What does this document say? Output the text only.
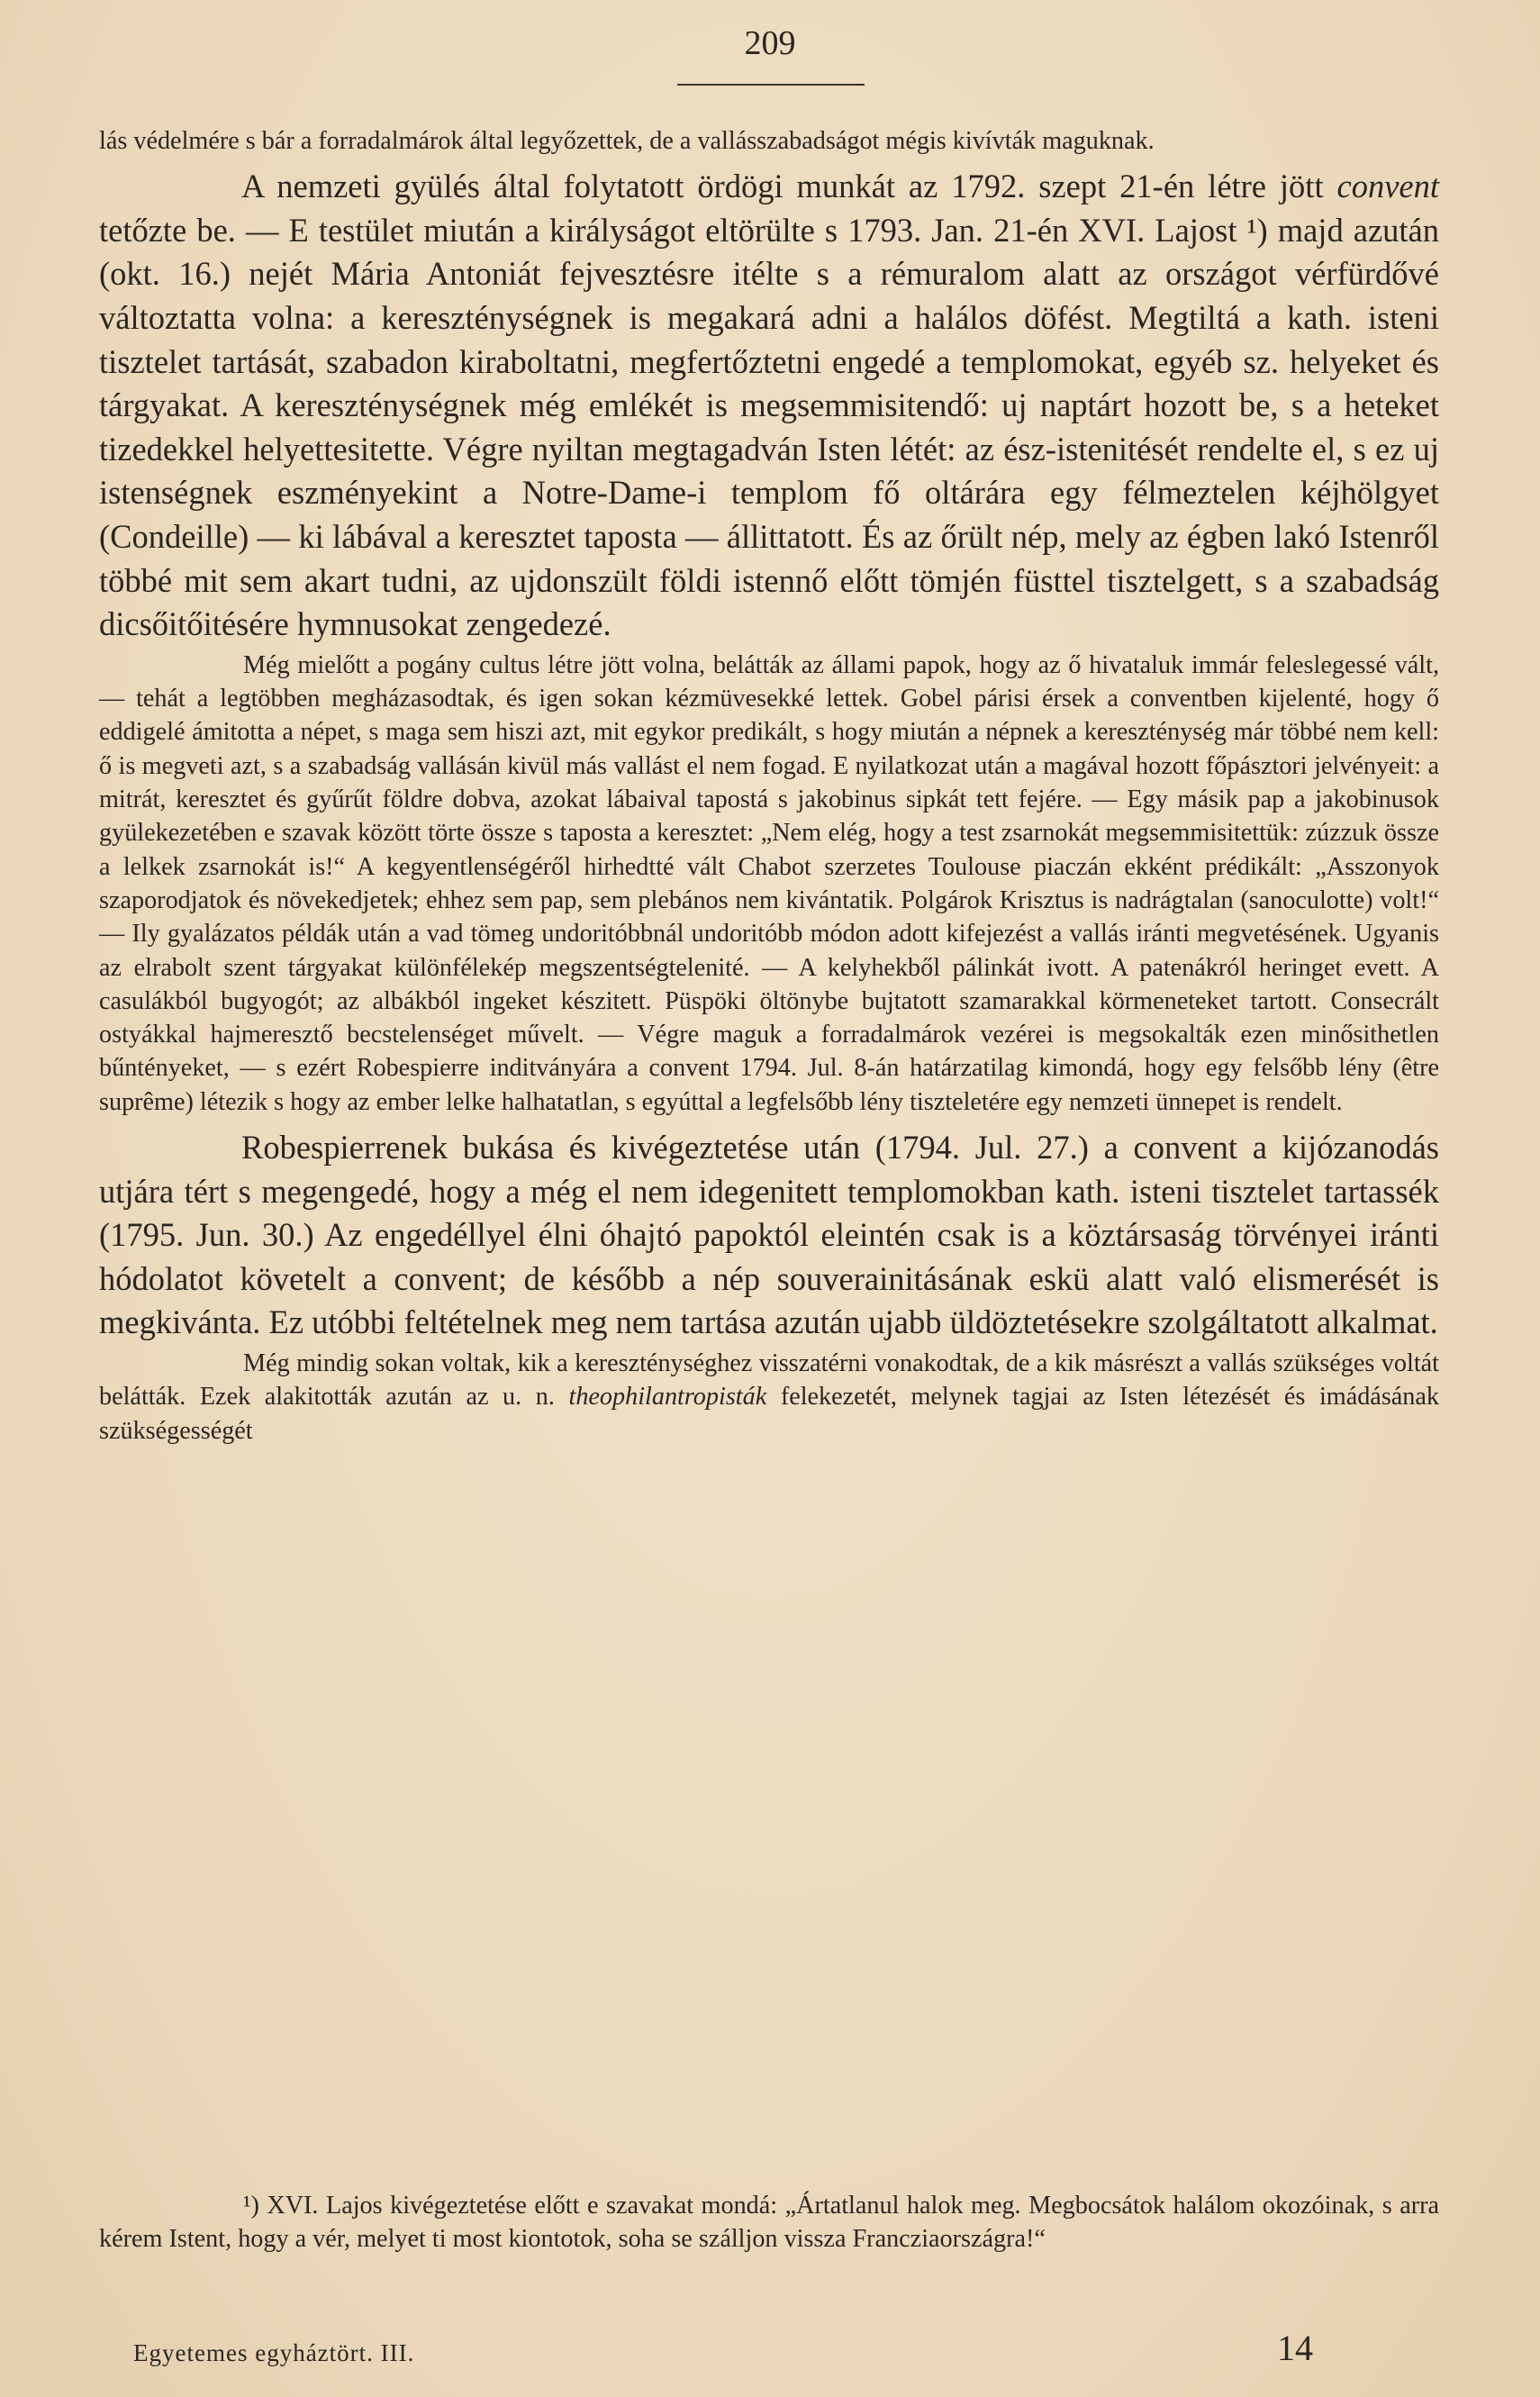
209

lás védelmére s bár a forradalmárok által legyőzettek, de a vallásszabadságot mégis kivívták maguknak.

A nemzeti gyülés által folytatott ördögi munkát az 1792. szept 21-én létre jött convent tetőzte be. — E testület miután a királyságot eltörülte s 1793. Jan. 21-én XVI. Lajost ¹) majd azután (okt. 16.) nejét Mária Antoniát fejvesztésre itélte s a rémuralom alatt az országot vérfürdővé változtatta volna: a kereszténységnek is megakará adni a halálos döfést. Megtiltá a kath. isteni tisztelet tartását, szabadon kiraboltatni, megfertőztetni engedé a templomokat, egyéb sz. helyeket és tárgyakat. A kereszténységnek még emlékét is megsemmisitendő: uj naptárt hozott be, s a heteket tizedekkel helyettesitette. Végre nyiltan megtagadván Isten létét: az ész-istenitését rendelte el, s ez uj istenségnek eszményekint a Notre-Dame-i templom fő oltárára egy félmeztelen kéjhölgyet (Condeille) — ki lábával a keresztet taposta — állittatott. És az őrült nép, mely az égben lakó Istenről többé mit sem akart tudni, az ujdonszült földi istennő előtt tömjén füsttel tisztelgett, s a szabadság dicsőitőitésére hymnusokat zengedezé.

Még mielőtt a pogány cultus létre jött volna, belátták az állami papok, hogy az ő hivataluk immár feleslegessé vált, — tehát a legtöbben megházasodtak, és igen sokan kézmüvesekké lettek. Gobel párisi érsek a conventben kijelenté, hogy ő eddigelé ámitotta a népet, s maga sem hiszi azt, mit egykor predikált, s hogy miután a népnek a kereszténység már többé nem kell: ő is megveti azt, s a szabadság vallásán kivül más vallást el nem fogad. E nyilatkozat után a magával hozott főpásztori jelvényeit: a mitrát, keresztet és gyűrűt földre dobva, azokat lábaival tapostá s jakobinus sipkát tett fejére. — Egy másik pap a jakobinusok gyülekezetében e szavak között törte össze s taposta a keresztet: „Nem elég, hogy a test zsarnokát megsemmisitettük: zúzzuk össze a lelkek zsarnokát is!“ A kegyentlenségéről hirhedtté vált Chabot szerzetes Toulouse piaczán ekként prédikált: „Asszonyok szaporodjatok és növekedjetek; ehhez sem pap, sem plebános nem kivántatik. Polgárok Krisztus is nadrágtalan (sanoculotte) volt!“ — Ily gyalázatos példák után a vad tömeg undoritóbbnál undoritóbb módon adott kifejezést a vallás iránti megvetésének. Ugyanis az elrabolt szent tárgyakat különfélekép megszentségtelenité. — A kelyhekből pálinkát ivott. A patenákról heringet evett. A casulákból bugyogót; az albákból ingeket készitett. Püspöki öltönybe bujtatott szamarakkal körmeneteket tartott. Consecrált ostyákkal hajmeresztő becstelenséget művelt. — Végre maguk a forradalmárok vezérei is megsokalták ezen minősithetlen bűntényeket, — s ezért Robespierre inditványára a convent 1794. Jul. 8-án határzatilag kimondá, hogy egy felsőbb lény (être suprême) létezik s hogy az ember lelke halhatatlan, s egyúttal a legfelsőbb lény tiszteletére egy nemzeti ünnepet is rendelt.

Robespierrenek bukása és kivégeztetése után (1794. Jul. 27.) a convent a kijózanodás utjára tért s megengedé, hogy a még el nem idegenitett templomokban kath. isteni tisztelet tartassék (1795. Jun. 30.) Az engedéllyel élni óhajtó papoktól eleintén csak is a köztársaság törvényei iránti hódolatot követelt a convent; de később a nép souverainitásának eskü alatt való elismerését is megkivánta. Ez utóbbi feltételnek meg nem tartása azután ujabb üldöztetésekre szolgáltatott alkalmat.

Még mindig sokan voltak, kik a kereszténységhez visszatérni vonakodtak, de a kik másrészt a vallás szükséges voltát belátták. Ezek alakitották azután az u. n. theophilantropisták felekezetét, melynek tagjai az Isten létezését és imádásának szükségességét

¹) XVI. Lajos kivégeztetése előtt e szavakat mondá: „Ártatlanul halok meg. Megbocsátok halálom okozóinak, s arra kérem Istent, hogy a vér, melyet ti most kiontotok, soha se szálljon vissza Francziaországra!“

Egyetemes egyháztört. III.	14
